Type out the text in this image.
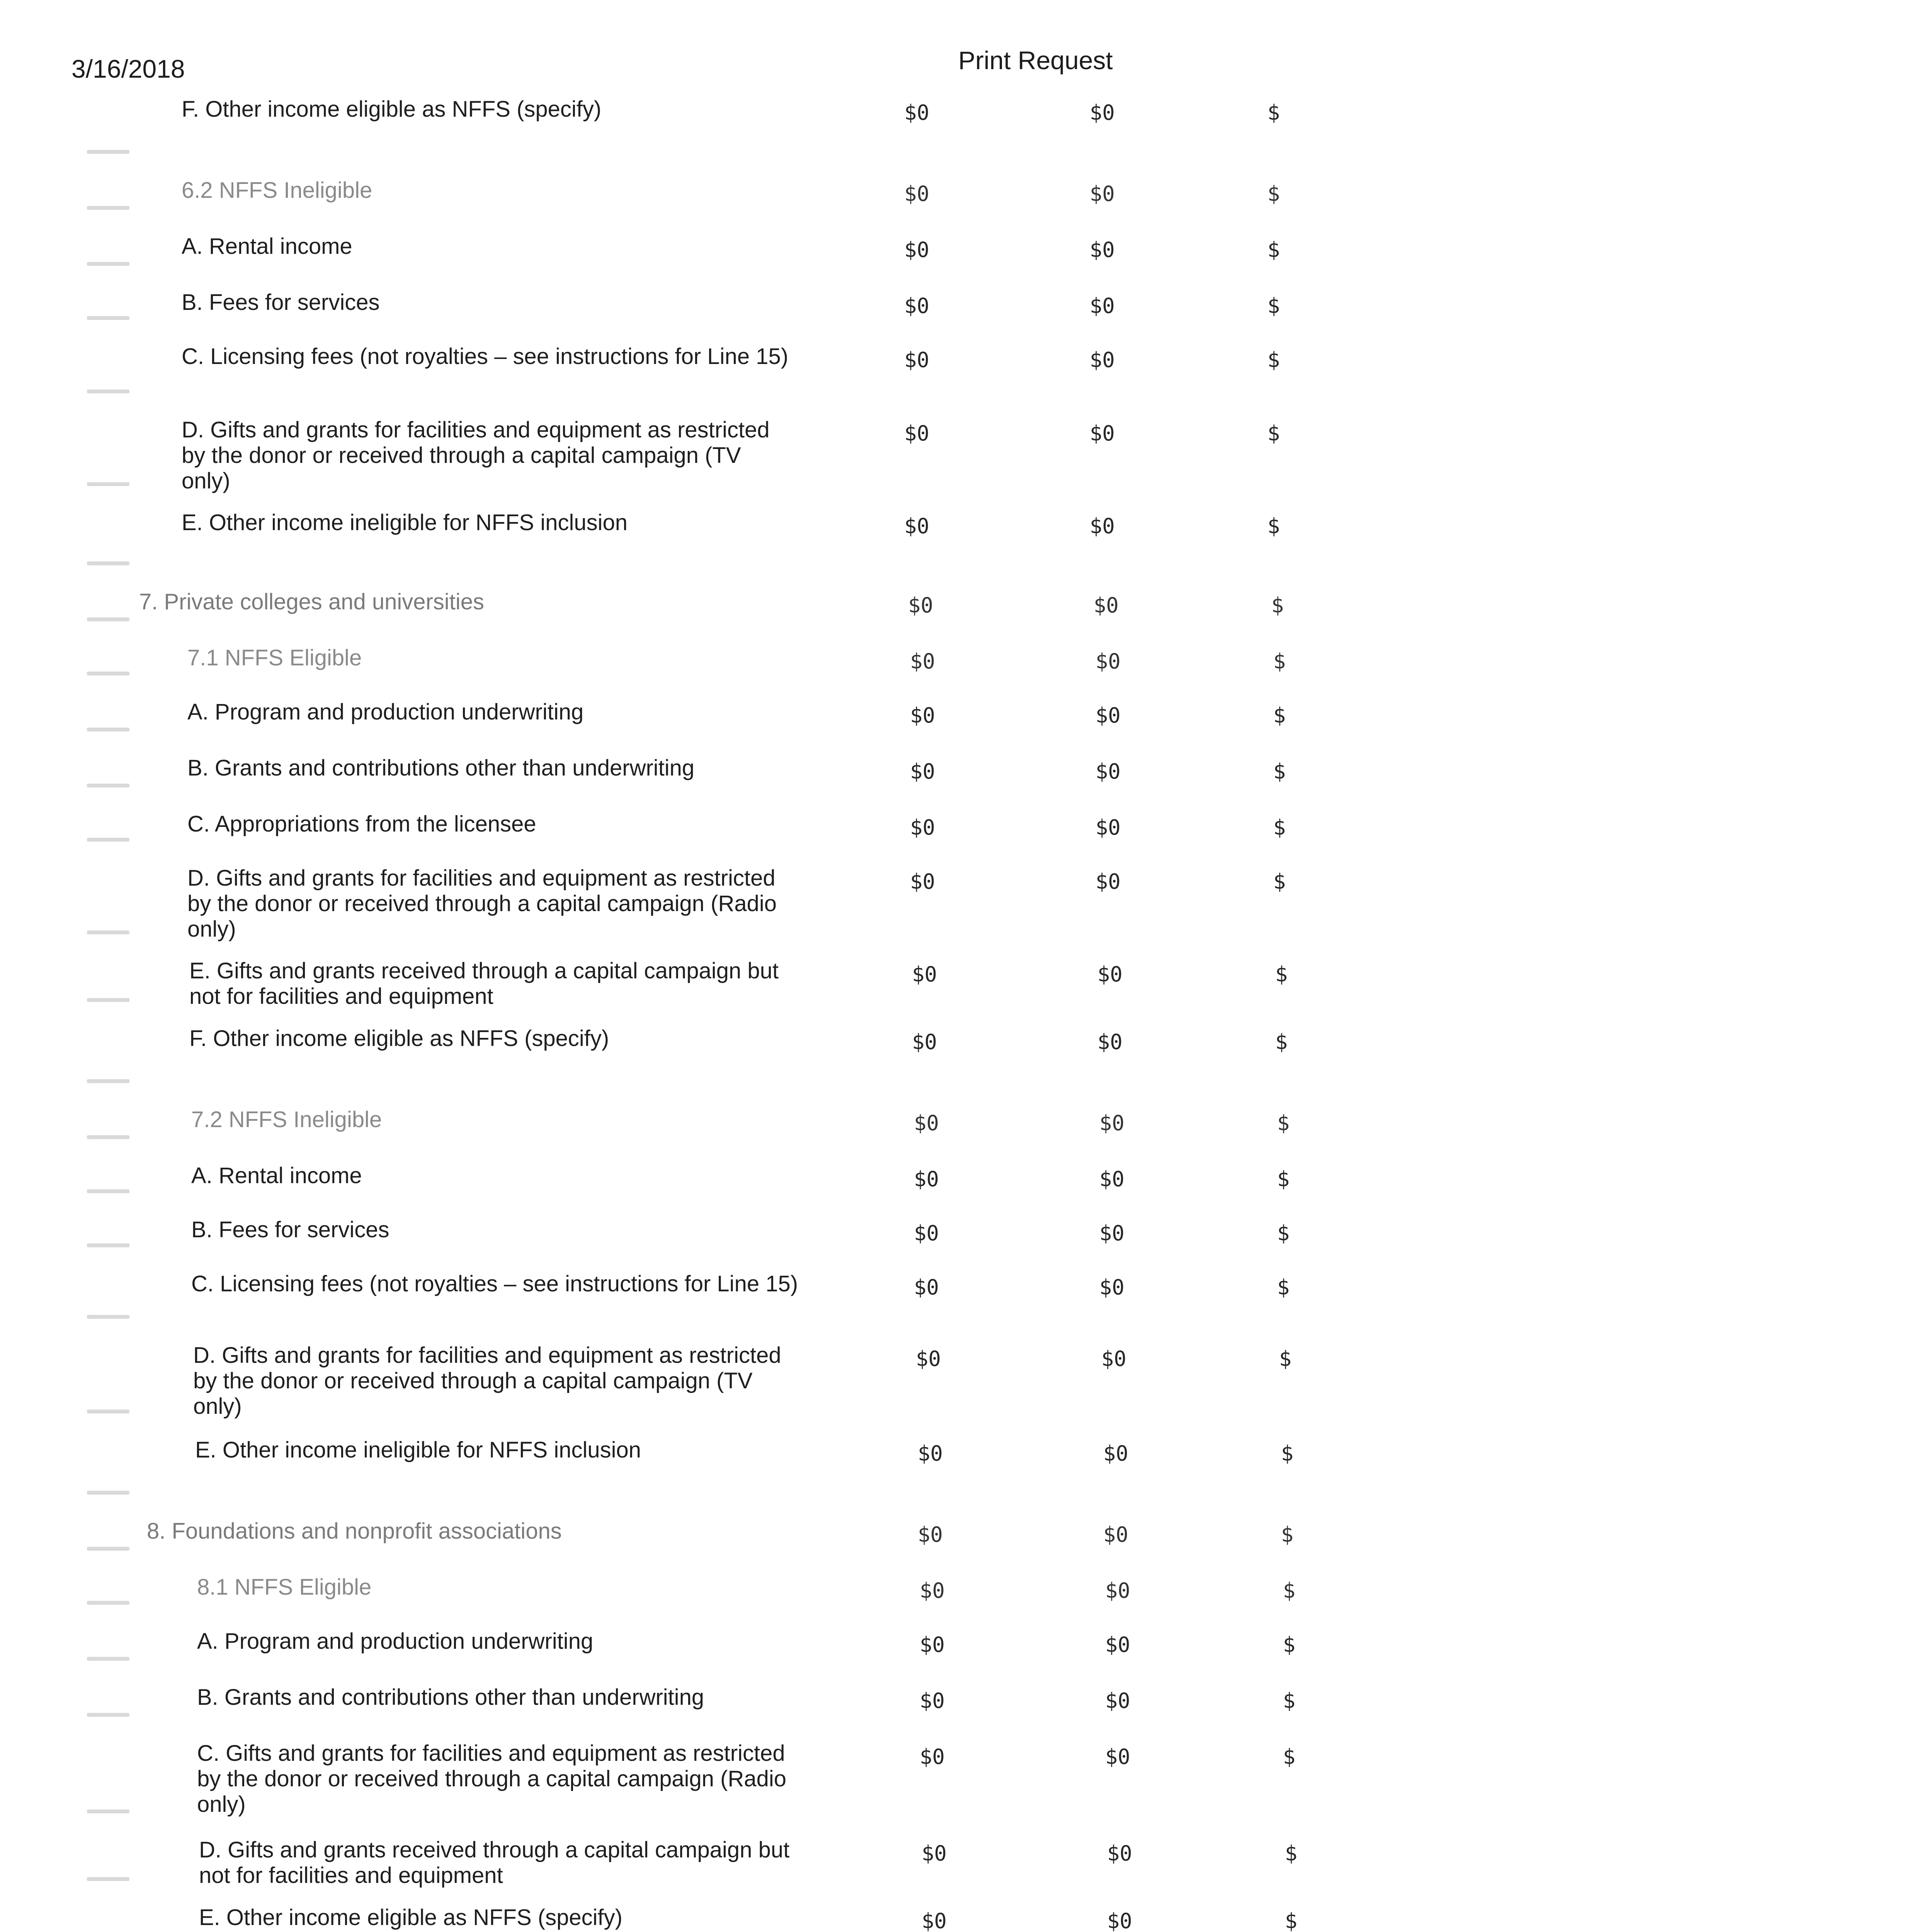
3/16/2018	Print Request
F. Other income eligible as NFFS (specify)	$0	$0	$
6.2 NFFS Ineligible	$0	$0	$
A. Rental income	$0	$0	$
B. Fees for services	$0	$0	$
C. Licensing fees (not royalties – see instructions for Line 15)	$0	$0	$
D. Gifts and grants for facilities and equipment as restricted by the donor or received through a capital campaign (TV only)
$0	$0	$
E. Other income ineligible for NFFS inclusion	$0	$0	$
7. Private colleges and universities	$0	$0	$
7.1 NFFS Eligible	$0	$0	$
A. Program and production underwriting	$0	$0	$
B. Grants and contributions other than underwriting	$0	$0	$
C. Appropriations from the licensee	$0	$0	$
D. Gifts and grants for facilities and equipment as restricted by the donor or received through a capital campaign (Radio only)
$0	$0	$
E. Gifts and grants received through a capital campaign but not for facilities and equipment
$0	$0	$
F. Other income eligible as NFFS (specify)	$0	$0	$
7.2 NFFS Ineligible	$0	$0	$
A. Rental income	$0	$0	$
B. Fees for services	$0	$0	$
C. Licensing fees (not royalties – see instructions for Line 15)	$0	$0	$
D. Gifts and grants for facilities and equipment as restricted by the donor or received through a capital campaign (TV only)
$0	$0	$
E. Other income ineligible for NFFS inclusion	$0	$0	$
8. Foundations and nonprofit associations	$0	$0	$
8.1 NFFS Eligible	$0	$0	$
A. Program and production underwriting	$0	$0	$
B. Grants and contributions other than underwriting	$0	$0	$
C. Gifts and grants for facilities and equipment as restricted by the donor or received through a capital campaign (Radio only)
$0	$0	$
D. Gifts and grants received through a capital campaign but not for facilities and equipment
$0	$0	$
E. Other income eligible as NFFS (specify)	$0	$0	$
